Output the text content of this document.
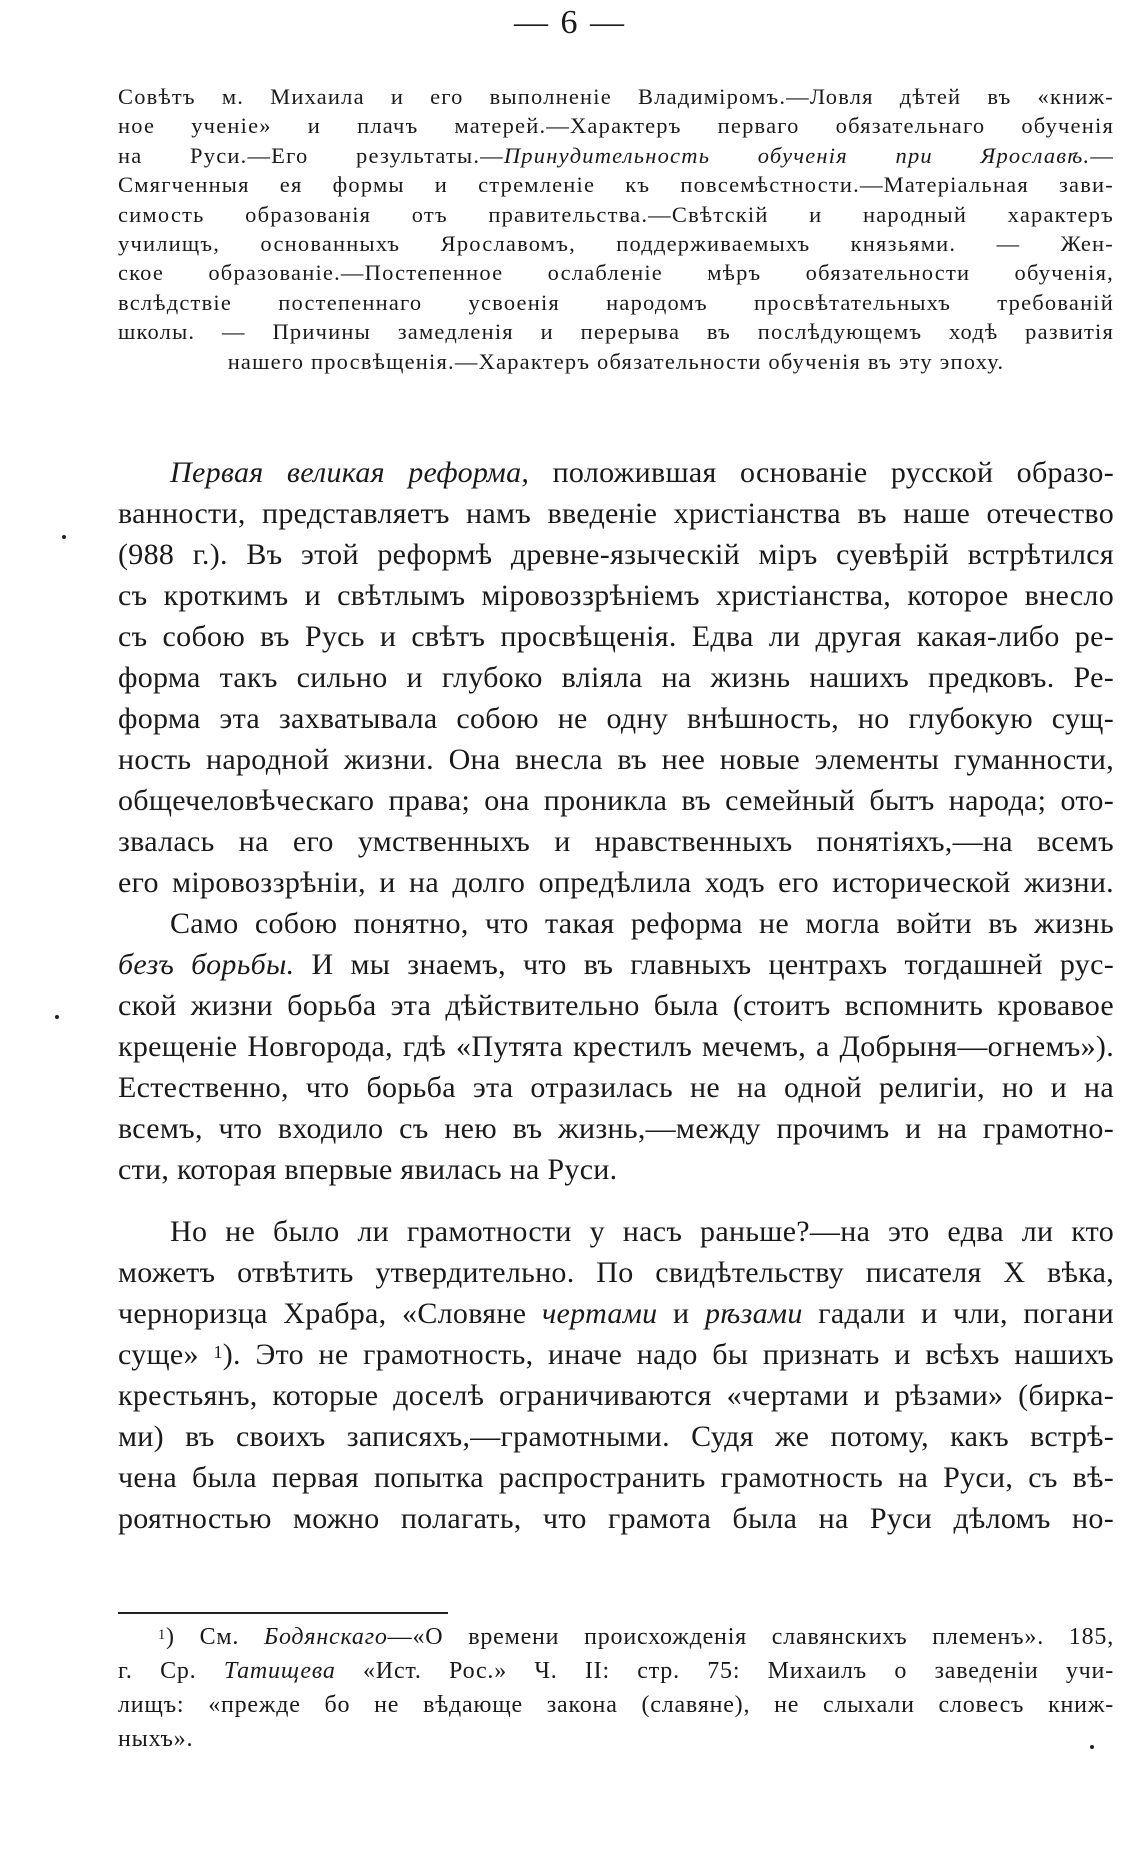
— 6 —
Совѣтъ м. Михаила и его выполненіе Владиміромъ.—Ловля дѣтей въ «книж-
ное ученіе» и плачъ матерей.—Характеръ перваго обязательнаго обученія
на Руси.—Его результаты.—Принудительность обученія при Ярославѣ.—
Смягченныя ея формы и стремленіе къ повсемѣстности.—Матеріальная зави-
симость образованія отъ правительства.—Свѣтскій и народный характеръ
училищъ, основанныхъ Ярославомъ, поддерживаемыхъ князьями. — Жен-
ское образованіе.—Постепенное ослабленіе мѣръ обязательности обученія,
вслѣдствіе постепеннаго усвоенія народомъ просвѣтательныхъ требованій
школы. — Причины замедленія и перерыва въ послѣдующемъ ходѣ развитія
нашего просвѣщенія.—Характеръ обязательности обученія въ эту эпоху.
Первая великая реформа, положившая основаніе русской образо-
ванности, представляетъ намъ введеніе христіанства въ наше отечество
(988 г.). Въ этой реформѣ древне-языческій міръ суевѣрій встрѣтился
съ кроткимъ и свѣтлымъ міровоззрѣніемъ христіанства, которое внесло
съ собою въ Русь и свѣтъ просвѣщенія. Едва ли другая какая-либо ре-
форма такъ сильно и глубоко вліяла на жизнь нашихъ предковъ. Ре-
форма эта захватывала собою не одну внѣшность, но глубокую сущ-
ность народной жизни. Она внесла въ нее новые элементы гуманности,
общечеловѣческаго права; она проникла въ семейный бытъ народа; ото-
звалась на его умственныхъ и нравственныхъ понятіяхъ,—на всемъ
его міровоззрѣніи, и на долго опредѣлила ходъ его исторической жизни.
Само собою понятно, что такая реформа не могла войти въ жизнь
безъ борьбы. И мы знаемъ, что въ главныхъ центрахъ тогдашней рус-
ской жизни борьба эта дѣйствительно была (стоитъ вспомнить кровавое
крещеніе Новгорода, гдѣ «Путята крестилъ мечемъ, а Добрыня—огнемъ»).
Естественно, что борьба эта отразилась не на одной религіи, но и на
всемъ, что входило съ нею въ жизнь,—между прочимъ и на грамотно-
сти, которая впервые явилась на Руси.
Но не было ли грамотности у насъ раньше?—на это едва ли кто
можетъ отвѣтить утвердительно. По свидѣтельству писателя X вѣка,
черноризца Храбра, «Словяне чертами и рѣзами гадали и чли, погани
суще» $^1$). Это не грамотность, иначе надо бы признать и всѣхъ нашихъ
крестьянъ, которые доселѣ ограничиваются «чертами и рѣзами» (бирка-
ми) въ своихъ записяхъ,—грамотными. Судя же потому, какъ встрѣ-
чена была первая попытка распространить грамотность на Руси, съ вѣ-
роятностью можно полагать, что грамота была на Руси дѣломъ но-
$^1$) См. Бодянскаго—«О времени происхожденія славянскихъ племенъ». 185,
г. Ср. Татищева «Ист. Рос.» Ч. II: стр. 75: Михаилъ о заведеніи учи-
лищъ: «прежде бо не вѣдающе закона (славяне), не слыхали словесъ книж-
ныхъ».
